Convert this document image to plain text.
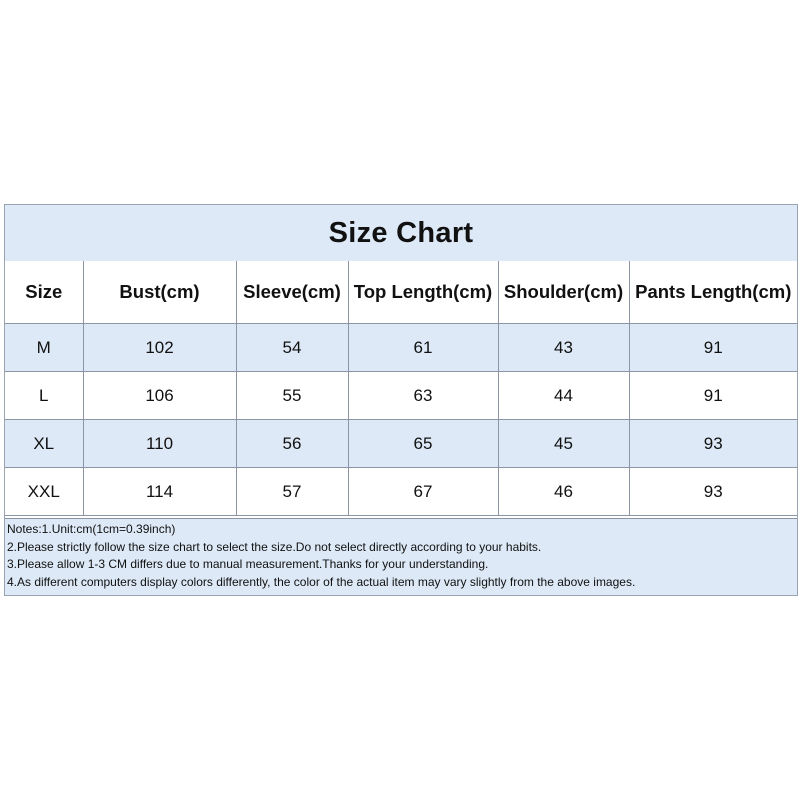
Size Chart
Size	Bust(cm)	Sleeve(cm)	Top Length(cm)	Shoulder(cm)	Pants Length(cm)
M	102	54	61	43	91
L	106	55	63	44	91
XL	110	56	65	45	93
XXL	114	57	67	46	93
Notes:1.Unit:cm(1cm=0.39inch)
2.Please strictly follow the size chart to select the size.Do not select directly according to your habits.
3.Please allow 1-3 CM differs due to manual measurement.Thanks for your understanding.
4.As different computers display colors differently, the color of the actual item may vary slightly from the above images.
